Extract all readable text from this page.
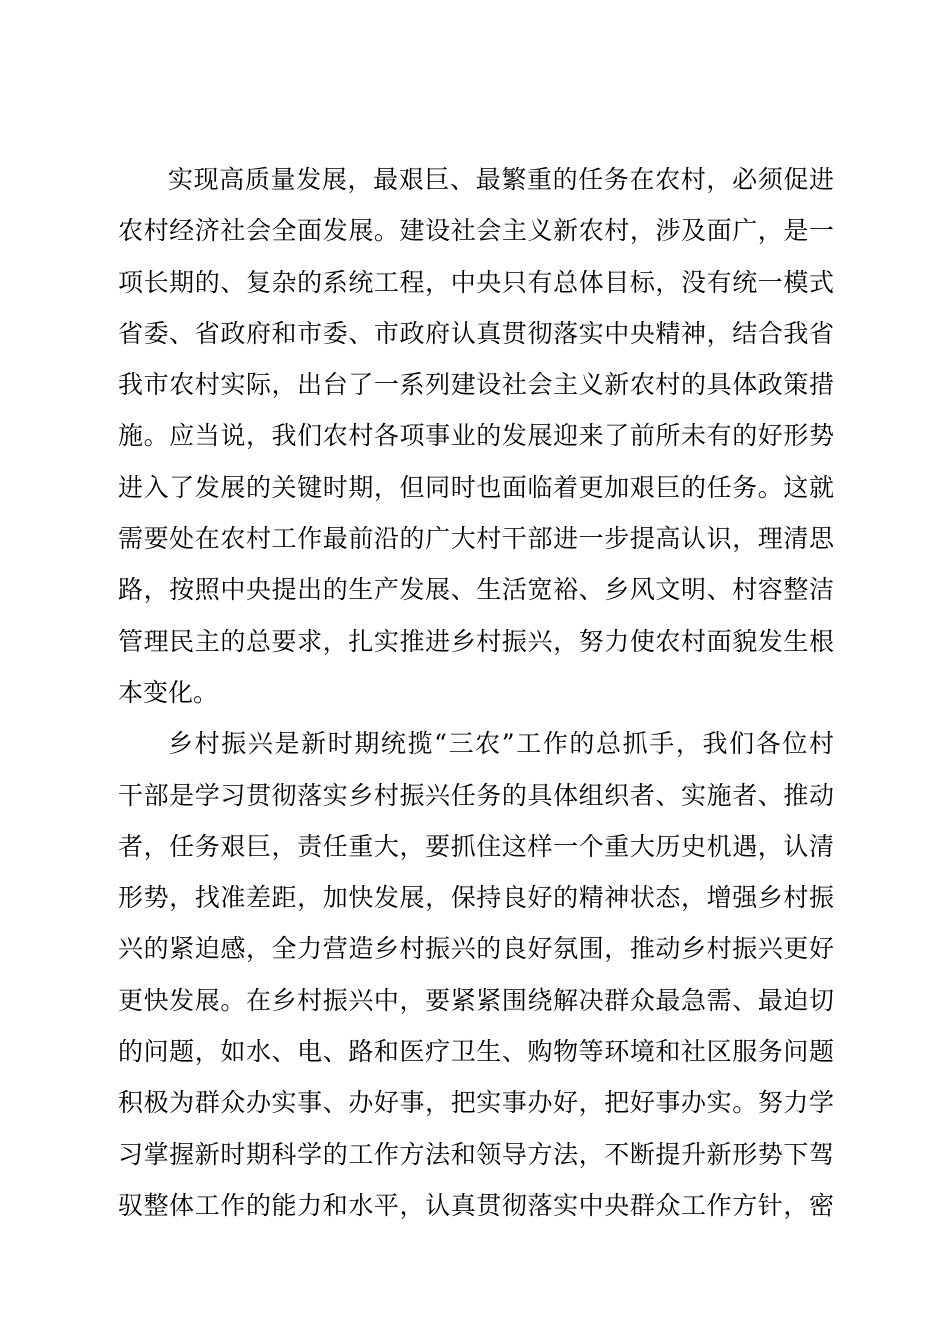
实现高质量发展，最艰巨、最繁重的任务在农村，必须促进
农村经济社会全面发展。建设社会主义新农村，涉及面广，是一
项长期的、复杂的系统工程，中央只有总体目标，没有统一模式
省委、省政府和市委、市政府认真贯彻落实中央精神，结合我省
我市农村实际，出台了一系列建设社会主义新农村的具体政策措
施。应当说，我们农村各项事业的发展迎来了前所未有的好形势
进入了发展的关键时期，但同时也面临着更加艰巨的任务。这就
需要处在农村工作最前沿的广大村干部进一步提高认识，理清思
路，按照中央提出的生产发展、生活宽裕、乡风文明、村容整洁
管理民主的总要求，扎实推进乡村振兴，努力使农村面貌发生根
本变化。
乡村振兴是新时期统揽“三农”工作的总抓手，我们各位村
干部是学习贯彻落实乡村振兴任务的具体组织者、实施者、推动
者，任务艰巨，责任重大，要抓住这样一个重大历史机遇，认清
形势，找准差距，加快发展，保持良好的精神状态，增强乡村振
兴的紧迫感，全力营造乡村振兴的良好氛围，推动乡村振兴更好
更快发展。在乡村振兴中，要紧紧围绕解决群众最急需、最迫切
的问题，如水、电、路和医疗卫生、购物等环境和社区服务问题
积极为群众办实事、办好事，把实事办好，把好事办实。努力学
习掌握新时期科学的工作方法和领导方法，不断提升新形势下驾
驭整体工作的能力和水平，认真贯彻落实中央群众工作方针，密
